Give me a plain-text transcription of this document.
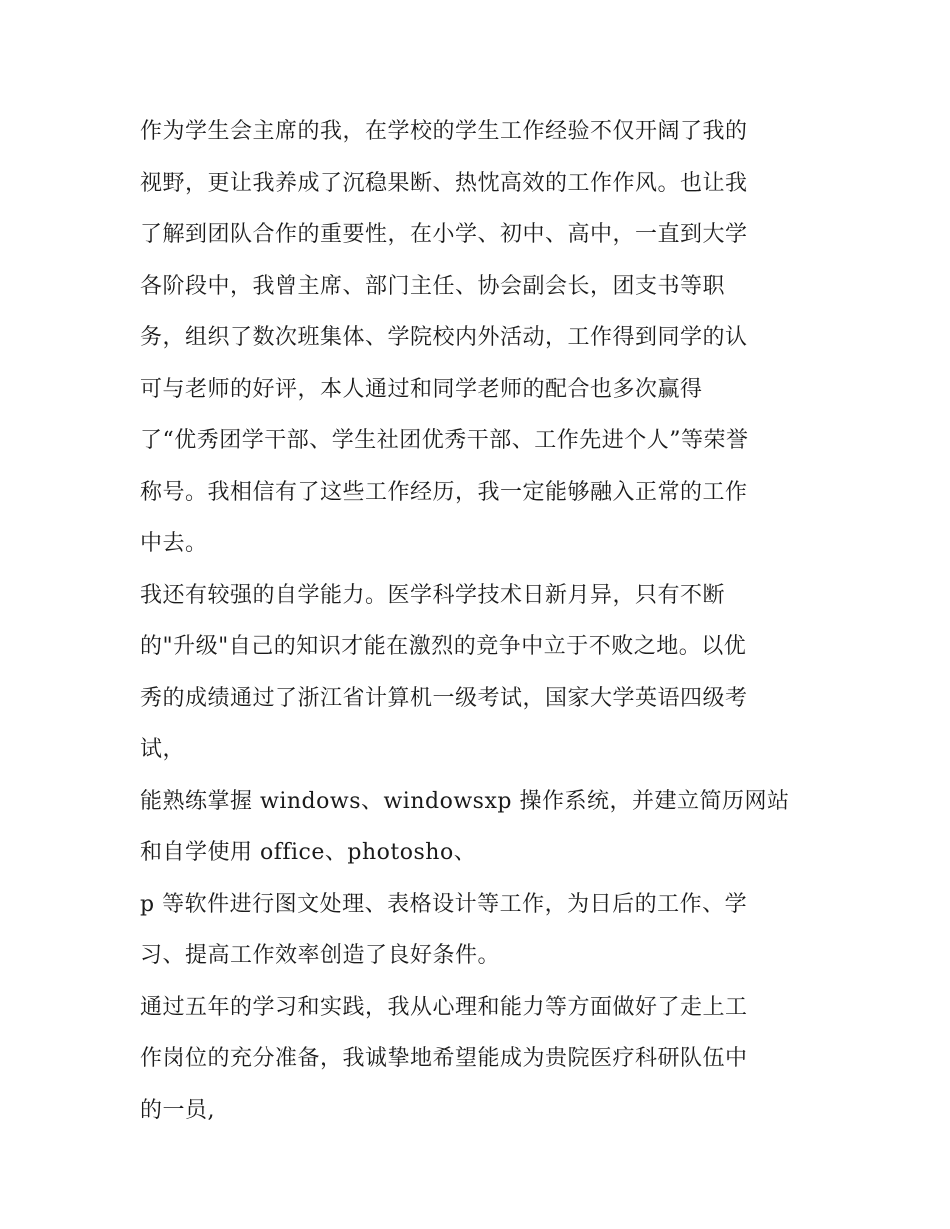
作为学生会主席的我，在学校的学生工作经验不仅开阔了我的
视野，更让我养成了沉稳果断、热忱高效的工作作风。也让我
了解到团队合作的重要性，在小学、初中、高中，一直到大学
各阶段中，我曾主席、部门主任、协会副会长，团支书等职
务，组织了数次班集体、学院校内外活动，工作得到同学的认
可与老师的好评，本人通过和同学老师的配合也多次赢得
了“优秀团学干部、学生社团优秀干部、工作先进个人”等荣誉
称号。我相信有了这些工作经历，我一定能够融入正常的工作
中去。
我还有较强的自学能力。医学科学技术日新月异，只有不断
的"升级"自己的知识才能在激烈的竞争中立于不败之地。以优
秀的成绩通过了浙江省计算机一级考试，国家大学英语四级考
试，
能熟练掌握 windows、windowsxp 操作系统，并建立简历网站
和自学使用 office、photosho、
p 等软件进行图文处理、表格设计等工作，为日后的工作、学
习、提高工作效率创造了良好条件。
通过五年的学习和实践，我从心理和能力等方面做好了走上工
作岗位的充分准备，我诚挚地希望能成为贵院医疗科研队伍中
的一员,
